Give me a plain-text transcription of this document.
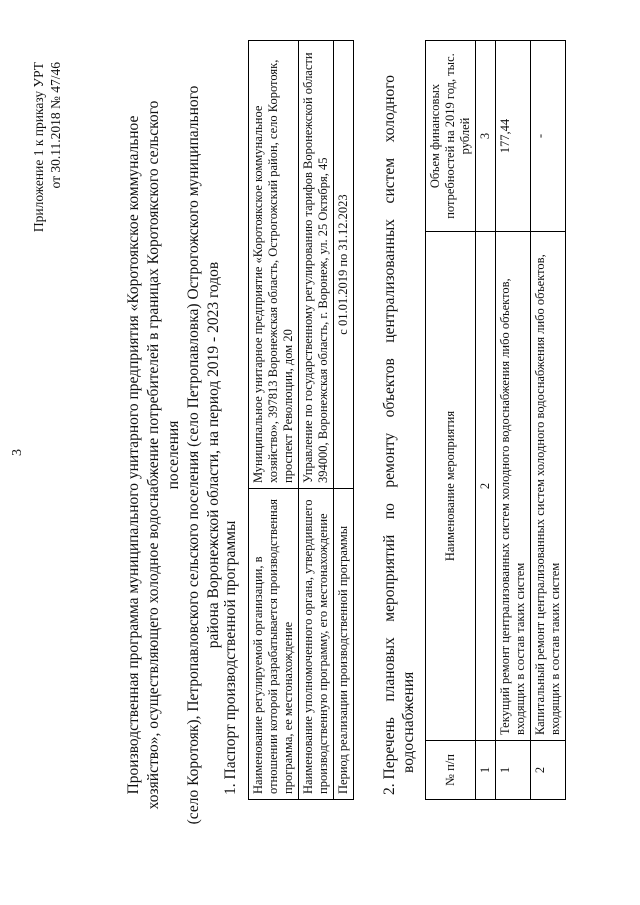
3
Приложение 1 к приказу УРТ от 30.11.2018 № 47/46	Производственная программа муниципального унитарного предприятия «Коротоякское коммунальное хозяйство», осуществляющего холодное водоснабжение потребителей в границах Коротоякского сельского поселения (село Коротояк), Петропавловского сельского поселения (село Петропавловка) Острогожского муниципального района Воронежской области, на период 2019 - 2023 годов
1. Паспорт производственной программы Наименование регулируемой организации, в отношении которой разрабатывается производственная программа, ее местонахождение	Муниципальное унитарное предприятие «Коротоякское коммунальное хозяйство», 397813 Воронежская область, Острогожский район, село Коротояк, проспект Революции, дом 20
Наименование уполномоченного органа, утвердившего производственную программу, его местонахождение	Управление по государственному регулированию тарифов Воронежской области 394000, Воронежская область, г. Воронеж, ул. 25 Октября, 45
Период реализации производственной программы	с 01.01.2019 по 31.12.2023
2. Перечень
плановых
мероприятий
по
ремонту
объектов
централизованных
систем
холодного
водоснабжения № п/п	Наименование мероприятия	Объем финансовых потребностей на 2019 год, тыс. рублей
1	2	3
1	Текущий ремонт централизованных систем холодного водоснабжения либо объектов, входящих в состав таких систем	177,44
2	Капитальный ремонт централизованных систем холодного водоснабжения либо объектов, входящих в состав таких систем	-
